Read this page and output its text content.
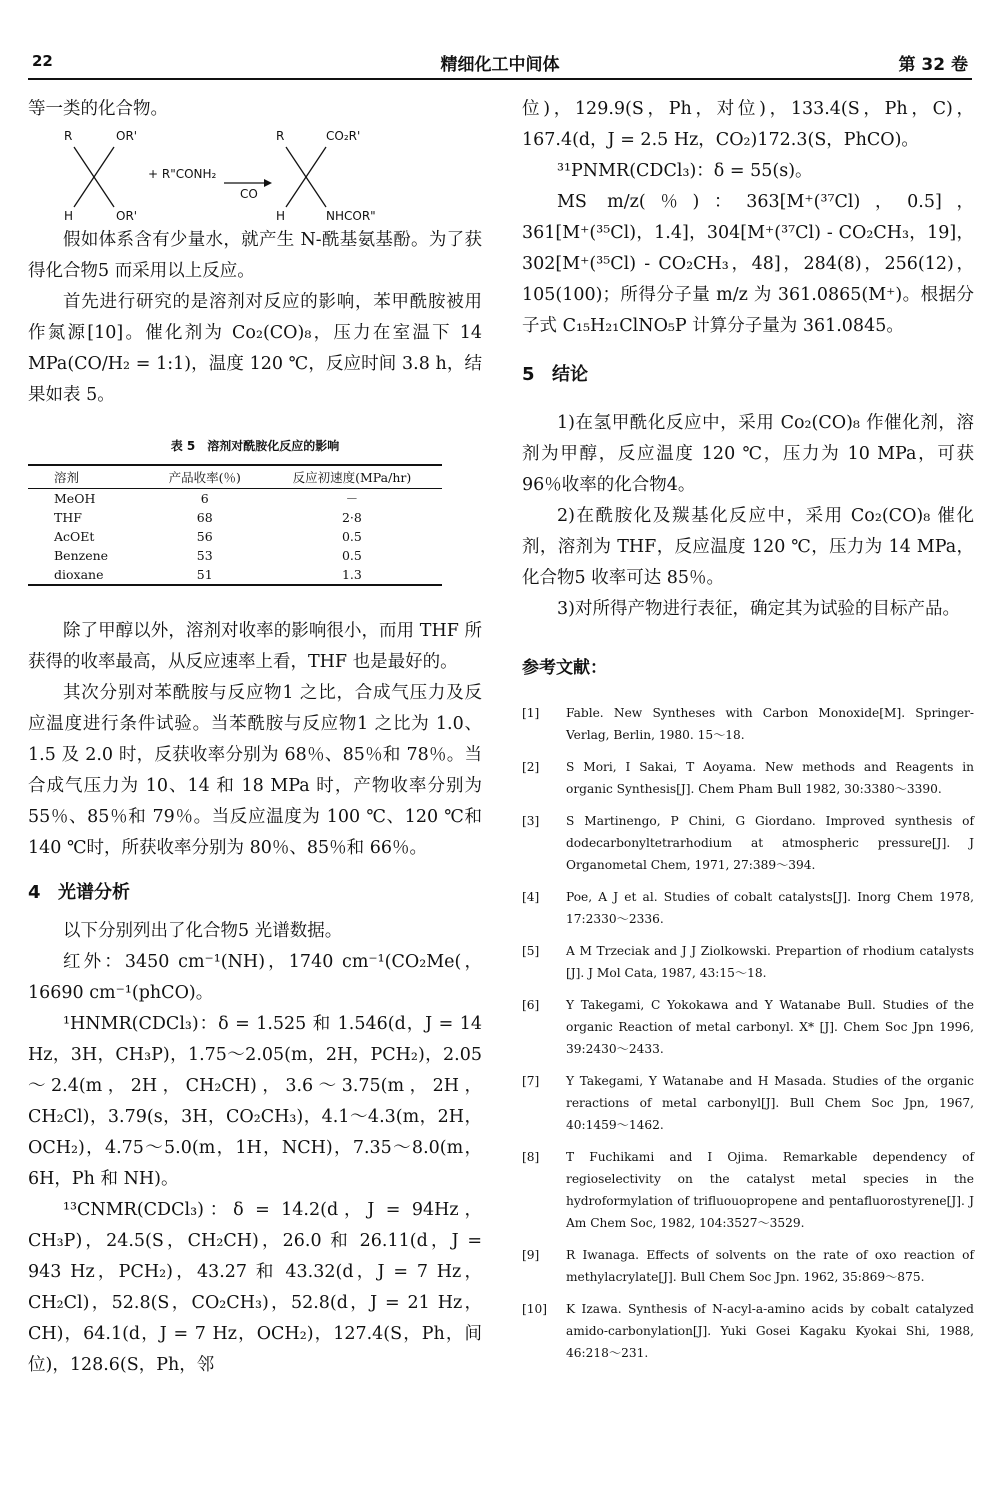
22	精细化工中间体	第 32 卷

等一类的化合物。

R	OR'
H	OR'
+ R"CONH₂
CO
R	CO₂R'
H	NHCOR"

假如体系含有少量水，就产生 N-酰基氨基酚。为了获得化合物5 而采用以上反应。

首先进行研究的是溶剂对反应的影响，苯甲酰胺被用作氮源[10]。催化剂为 Co₂(CO)₈，压力在室温下 14 MPa(CO/H₂ = 1:1)，温度 120 ℃，反应时间 3.8 h，结果如表 5。

表 5　溶剂对酰胺化反应的影响
溶剂	产品收率(％)	反应初速度(MPa/hr)
MeOH	6	－
THF	68	2·8
AcOEt	56	0.5
Benzene	53	0.5
dioxane	51	1.3

除了甲醇以外，溶剂对收率的影响很小，而用 THF 所获得的收率最高，从反应速率上看，THF 也是最好的。

其次分别对苯酰胺与反应物1 之比，合成气压力及反应温度进行条件试验。当苯酰胺与反应物1 之比为 1.0、1.5 及 2.0 时，反获收率分别为 68％、85％和 78％。当合成气压力为 10、14 和 18 MPa 时，产物收率分别为 55％、85％和 79％。当反应温度为 100 ℃、120 ℃和 140 ℃时，所获收率分别为 80％、85％和 66％。

4 光谱分析

以下分别列出了化合物5 光谱数据。

红外：3450 cm⁻¹(NH)，1740 cm⁻¹(CO₂Me(，16690 cm⁻¹(phCO)。

¹HNMR(CDCl₃)：δ = 1.525 和 1.546(d，J = 14 Hz，3H，CH₃P)，1.75～2.05(m，2H，PCH₂)，2.05～2.4(m，2H，CH₂CH)，3.6～3.75(m，2H，CH₂Cl)，3.79(s，3H，CO₂CH₃)，4.1～4.3(m，2H，OCH₂)，4.75～5.0(m，1H，NCH)，7.35～8.0(m，6H，Ph 和 NH)。

¹³CNMR(CDCl₃)：δ = 14.2(d，J = 94Hz，CH₃P)，24.5(S，CH₂CH)，26.0 和 26.11(d，J = 943 Hz，PCH₂)，43.27 和 43.32(d，J = 7 Hz，CH₂Cl)，52.8(S，CO₂CH₃)，52.8(d，J = 21 Hz，CH)，64.1(d，J = 7 Hz，OCH₂)，127.4(S，Ph，间位)，128.6(S，Ph，邻

位)，129.9(S，Ph，对位)，133.4(S，Ph，C)，167.4(d，J = 2.5 Hz，CO₂)172.3(S，PhCO)。

³¹PNMR(CDCl₃)：δ = 55(s)。

MS m/z(％)：363[M⁺(³⁷Cl)，0.5]，361[M⁺(³⁵Cl)，1.4]，304[M⁺(³⁷Cl) - CO₂CH₃，19]，302[M⁺(³⁵Cl) - CO₂CH₃，48]，284(8)，256(12)，105(100)；所得分子量 m/z 为 361.0865(M⁺)。根据分子式 C₁₅H₂₁ClNO₅P 计算分子量为 361.0845。

5 结论

1)在氢甲酰化反应中，采用 Co₂(CO)₈ 作催化剂，溶剂为甲醇，反应温度 120 ℃，压力为 10 MPa，可获 96％收率的化合物4。

2)在酰胺化及羰基化反应中，采用 Co₂(CO)₈ 催化剂，溶剂为 THF，反应温度 120 ℃，压力为 14 MPa，化合物5 收率可达 85％。

3)对所得产物进行表征，确定其为试验的目标产品。

参考文献：
[1] Fable. New Syntheses with Carbon Monoxide[M]. Springer-Verlag, Berlin, 1980. 15～18.
[2] S Mori, I Sakai, T Aoyama. New methods and Reagents in organic Synthesis[J]. Chem Pham Bull 1982, 30:3380～3390.
[3] S Martinengo, P Chini, G Giordano. Improved synthesis of dodecarbonyltetrarhodium at atmospheric pressure[J]. J Organometal Chem, 1971, 27:389～394.
[4] Poe, A J et al. Studies of cobalt catalysts[J]. Inorg Chem 1978, 17:2330～2336.
[5] A M Trzeciak and J J Ziolkowski. Prepartion of rhodium catalysts [J]. J Mol Cata, 1987, 43:15～18.
[6] Y Takegami, C Yokokawa and Y Watanabe Bull. Studies of the organic Reaction of metal carbonyl. X* [J]. Chem Soc Jpn 1996, 39:2430～2433.
[7] Y Takegami, Y Watanabe and H Masada. Studies of the organic reractions of metal carbonyl[J]. Bull Chem Soc Jpn, 1967, 40:1459～1462.
[8] T Fuchikami and I Ojima. Remarkable dependency of regioselectivity on the catalyst metal species in the hydroformylation of trifluouopropene and pentafluorostyrene[J]. J Am Chem Soc, 1982, 104:3527～3529.
[9] R Iwanaga. Effects of solvents on the rate of oxo reaction of methylacrylate[J]. Bull Chem Soc Jpn. 1962, 35:869～875.
[10] K Izawa. Synthesis of N-acyl-a-amino acids by cobalt catalyzed amido-carbonylation[J]. Yuki Gosei Kagaku Kyokai Shi, 1988, 46:218～231.
